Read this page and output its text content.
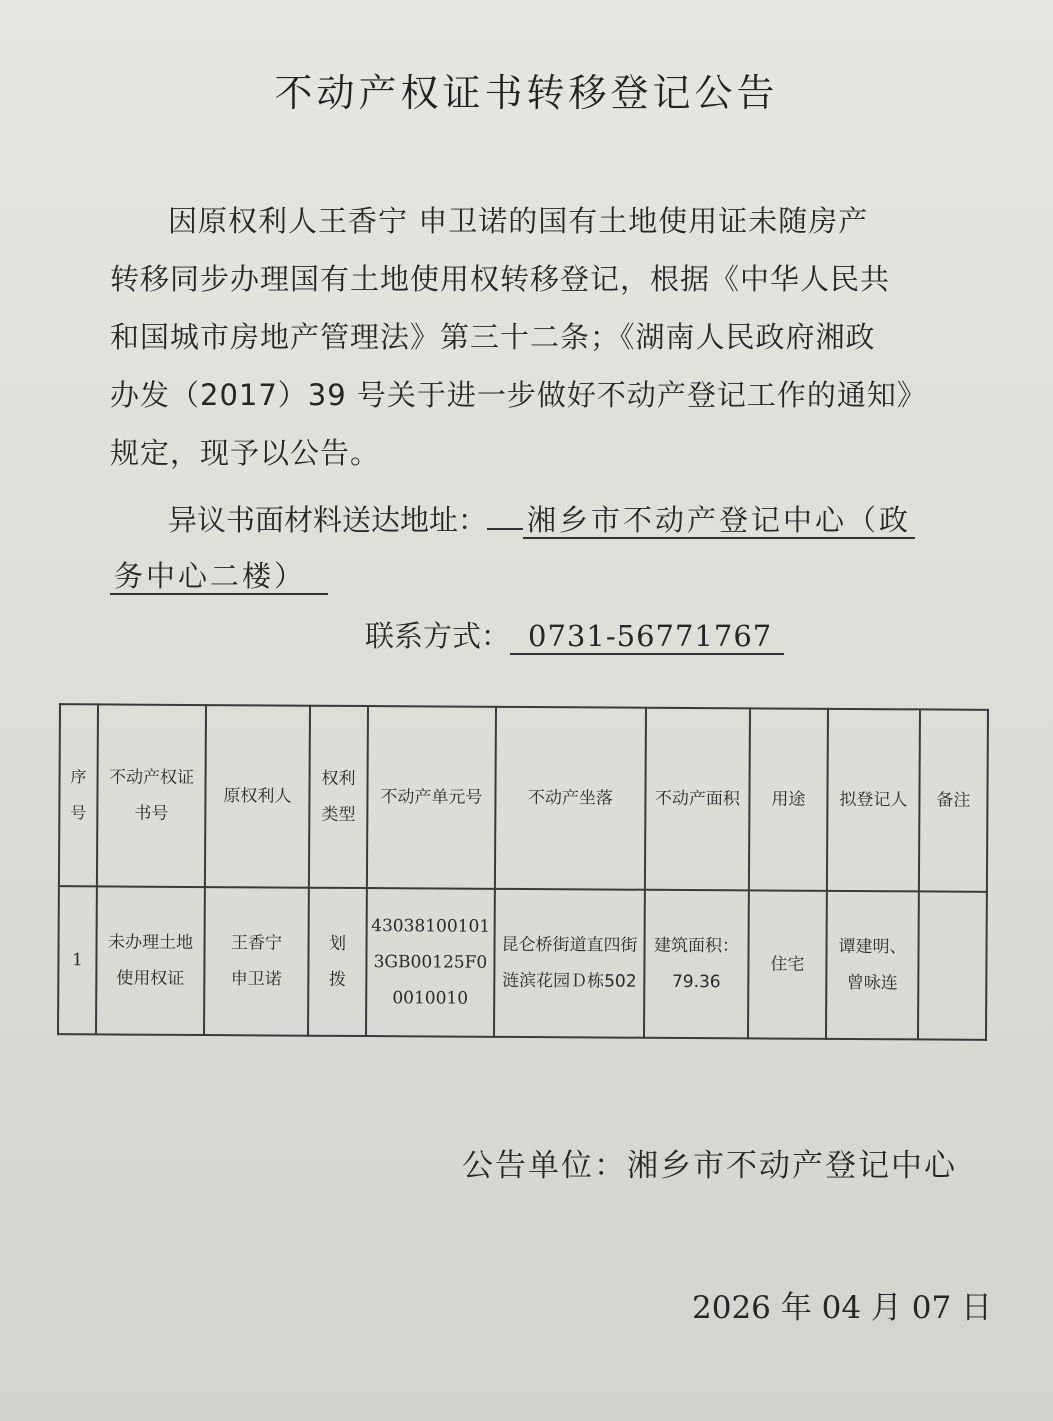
不动产权证书转移登记公告
因原权利人王香宁 申卫诺的国有土地使用证未随房产
转移同步办理国有土地使用权转移登记，根据《中华人民共
和国城市房地产管理法》第三十二条；《湖南人民政府湘政
办发（2017）39 号关于进一步做好不动产登记工作的通知》
规定，现予以公告。
异议书面材料送达地址： 湘乡市不动产登记中心（政
务中心二楼）
联系方式： 0731-56771767
序号	不动产权证书号	原权利人	权利类型	不动产单元号	不动产坐落	不动产面积	用途	拟登记人	备注
1	未办理土地使用权证	王香宁申卫诺	划拨	430381001013GB00125F00010010	昆仑桥街道直四街涟滨花园Ｄ栋502	建筑面积：79.36	住宅	谭建明、曾咏连	
公告单位：湘乡市不动产登记中心
2026 年 04 月 07 日
